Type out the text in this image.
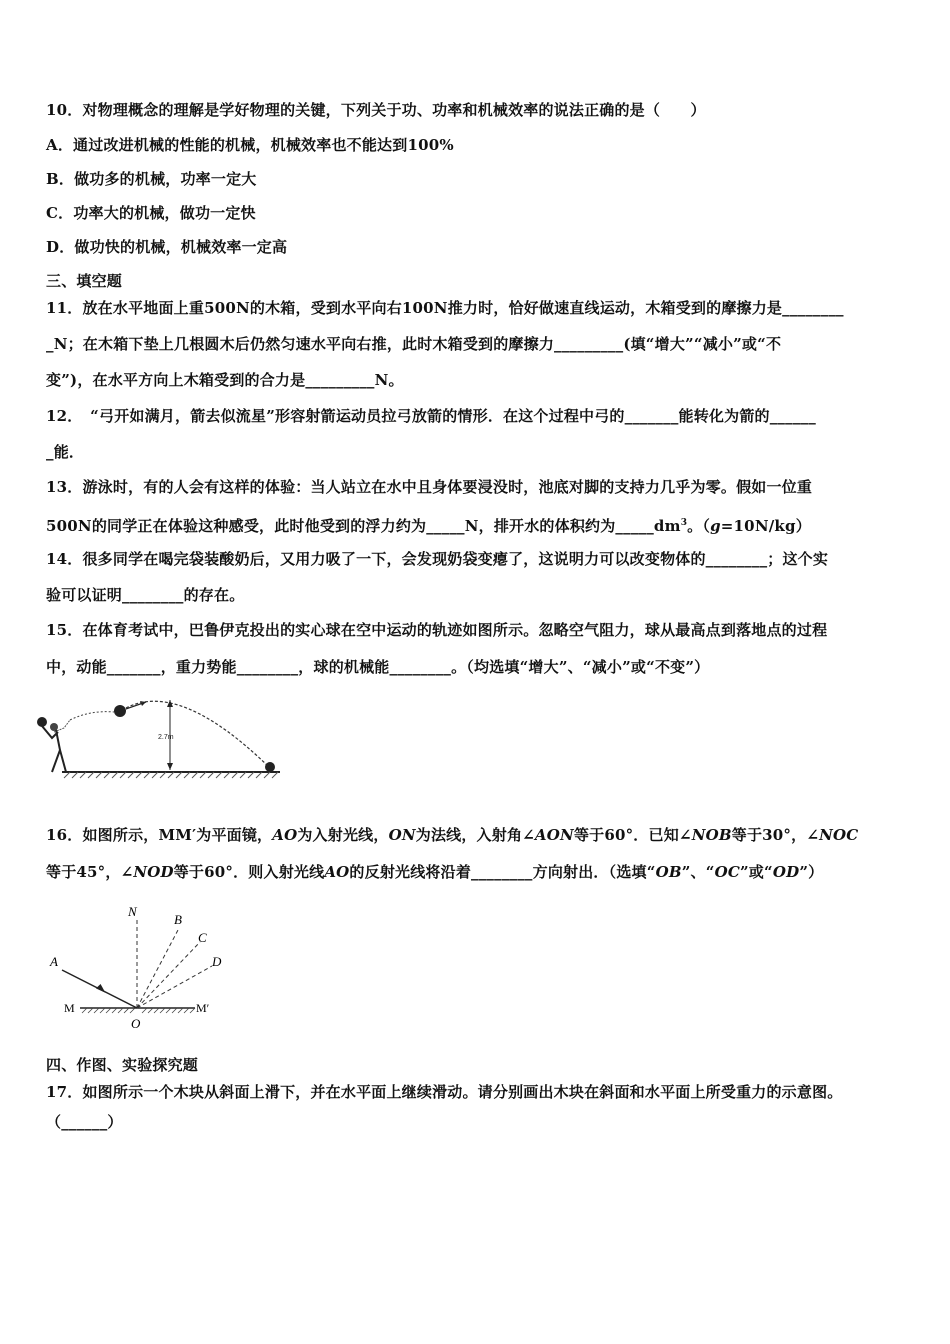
10．对物理概念的理解是学好物理的关键，下列关于功、功率和机械效率的说法正确的是（　　）
A．通过改进机械的性能的机械，机械效率也不能达到100%
B．做功多的机械，功率一定大
C．功率大的机械，做功一定快
D．做功快的机械，机械效率一定高
三、填空题
11．放在水平地面上重500N的木箱，受到水平向右100N推力时，恰好做速直线运动，木箱受到的摩擦力是________
_N；在木箱下垫上几根圆木后仍然匀速水平向右推，此时木箱受到的摩擦力_________(填“增大”“减小”或“不
变”)，在水平方向上木箱受到的合力是_________N。
12．　“弓开如满月，箭去似流星”形容射箭运动员拉弓放箭的情形．在这个过程中弓的_______能转化为箭的______
_能．
13．游泳时，有的人会有这样的体验：当人站立在水中且身体要浸没时，池底对脚的支持力几乎为零。假如一位重
500N的同学正在体验这种感受，此时他受到的浮力约为_____N，排开水的体积约为$\_\_\_\_\_dm^3$。（g=10N/kg）
14．很多同学在喝完袋装酸奶后，又用力吸了一下，会发现奶袋变瘪了，这说明力可以改变物体的________；这个实
验可以证明________的存在。
15．在体育考试中，巴鲁伊克投出的实心球在空中运动的轨迹如图所示。忽略空气阻力，球从最高点到落地点的过程
中，动能_______，重力势能________，球的机械能________。（均选填“增大”、“减小”或“不变”）
2.7m
16．如图所示，MM′为平面镜，AO为入射光线，ON为法线，入射角∠AON等于60°．已知∠NOB等于30°，∠NOC
等于45°，∠NOD等于60°．则入射光线AO的反射光线将沿着________方向射出．（选填“OB”、“OC”或“OD”）
N
B
C
D
A
M	M′
O
四、作图、实验探究题
17．如图所示一个木块从斜面上滑下，并在水平面上继续滑动。请分别画出木块在斜面和水平面上所受重力的示意图。
（______）
